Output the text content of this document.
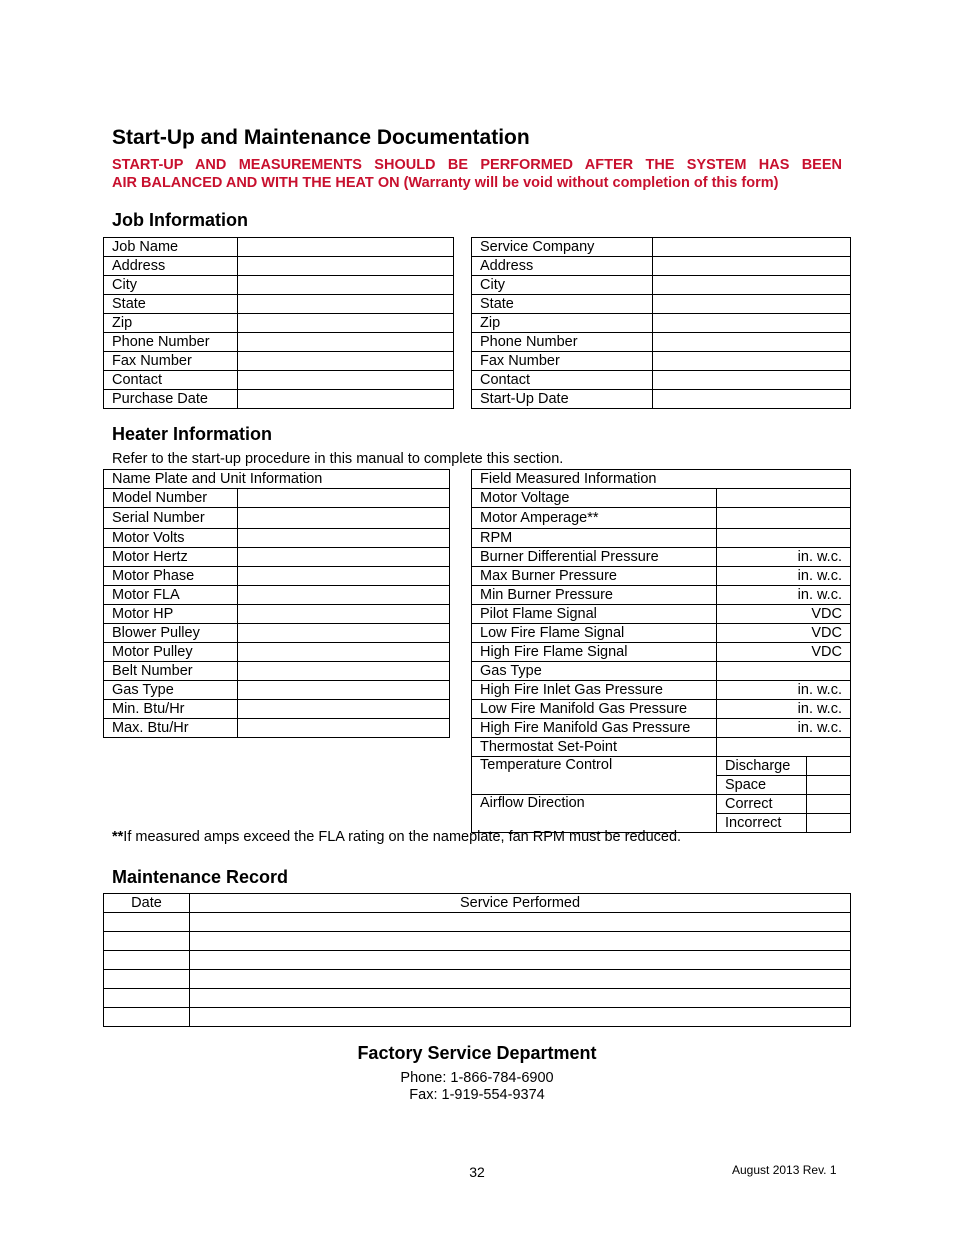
Start-Up and Maintenance Documentation

START-UP AND MEASUREMENTS SHOULD BE PERFORMED AFTER THE SYSTEM HAS BEEN
AIR BALANCED AND WITH THE HEAT ON (Warranty will be void without completion of this form)

Job Information
Job Name	
Address	
City	
State	
Zip	
Phone Number	
Fax Number	
Contact	
Purchase Date	
Service Company	
Address	
City	
State	
Zip	
Phone Number	
Fax Number	
Contact	
Start-Up Date	
Heater Information
Refer to the start-up procedure in this manual to complete this section.
Name Plate and Unit Information	
Model Number	
Serial Number	
Motor Volts	
Motor Hertz	
Motor Phase	
Motor FLA	
Motor HP	
Blower Pulley	
Motor Pulley	
Belt Number	
Gas Type	
Min. Btu/Hr	
Max. Btu/Hr	
Field Measured Information		
Motor Voltage		
Motor Amperage**		
RPM		
Burner Differential Pressure	in. w.c.	
Max Burner Pressure	in. w.c.	
Min Burner Pressure	in. w.c.	
Pilot Flame Signal	VDC	
Low Fire Flame Signal	VDC	
High Fire Flame Signal	VDC	
Gas Type		
High Fire Inlet Gas Pressure	in. w.c.	
Low Fire Manifold Gas Pressure	in. w.c.	
High Fire Manifold Gas Pressure	in. w.c.	
Thermostat Set-Point		
Temperature Control	Discharge	
	Space	
Airflow Direction	Correct	
	Incorrect	
**If measured amps exceed the FLA rating on the nameplate, fan RPM must be reduced.
Maintenance Record
Date	Service Performed

Factory Service Department
Phone: 1-866-784-6900
Fax: 1-919-554-9374
32	August 2013 Rev. 1
